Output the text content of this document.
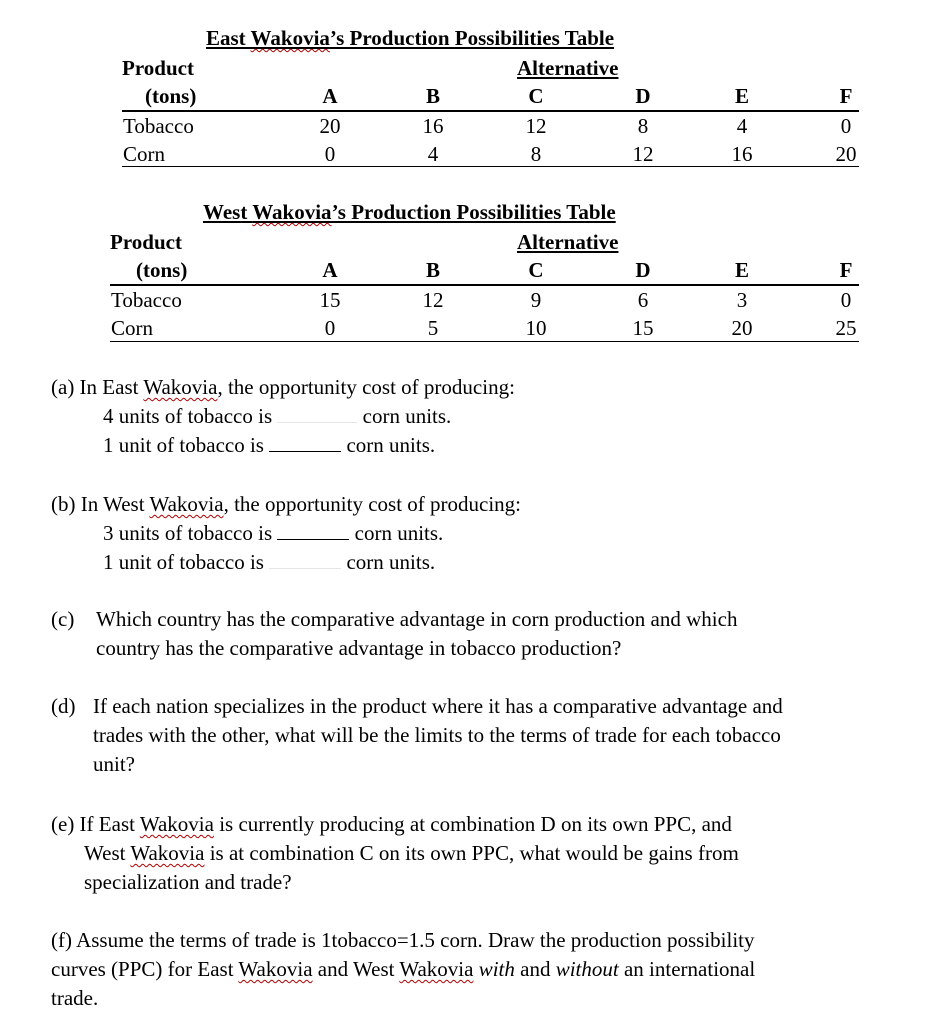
East Wakovia’s Production Possibilities Table
Product	Alternative
(tons)	A	B	C	D	E	F
Tobacco	20	16	12	8	4	0
Corn	0	4	8	12	16	20
West Wakovia’s Production Possibilities Table
Product	Alternative
(tons)	A	B	C	D	E	F
Tobacco	15	12	9	6	3	0
Corn	0	5	10	15	20	25
(a) In East Wakovia, the opportunity cost of producing:
4 units of tobacco is	corn units.
1 unit of tobacco is	corn units.
(b) In West Wakovia, the opportunity cost of producing:
3 units of tobacco is	corn units.
1 unit of tobacco is	corn units.
(c) Which country has the comparative advantage in corn production and which
country has the comparative advantage in tobacco production?
(d) If each nation specializes in the product where it has a comparative advantage and
trades with the other, what will be the limits to the terms of trade for each tobacco
unit?
(e) If East Wakovia is currently producing at combination D on its own PPC, and
West Wakovia is at combination C on its own PPC, what would be gains from
specialization and trade?
(f) Assume the terms of trade is 1tobacco=1.5 corn. Draw the production possibility
curves (PPC) for East Wakovia and West Wakovia with and without an international
trade.
